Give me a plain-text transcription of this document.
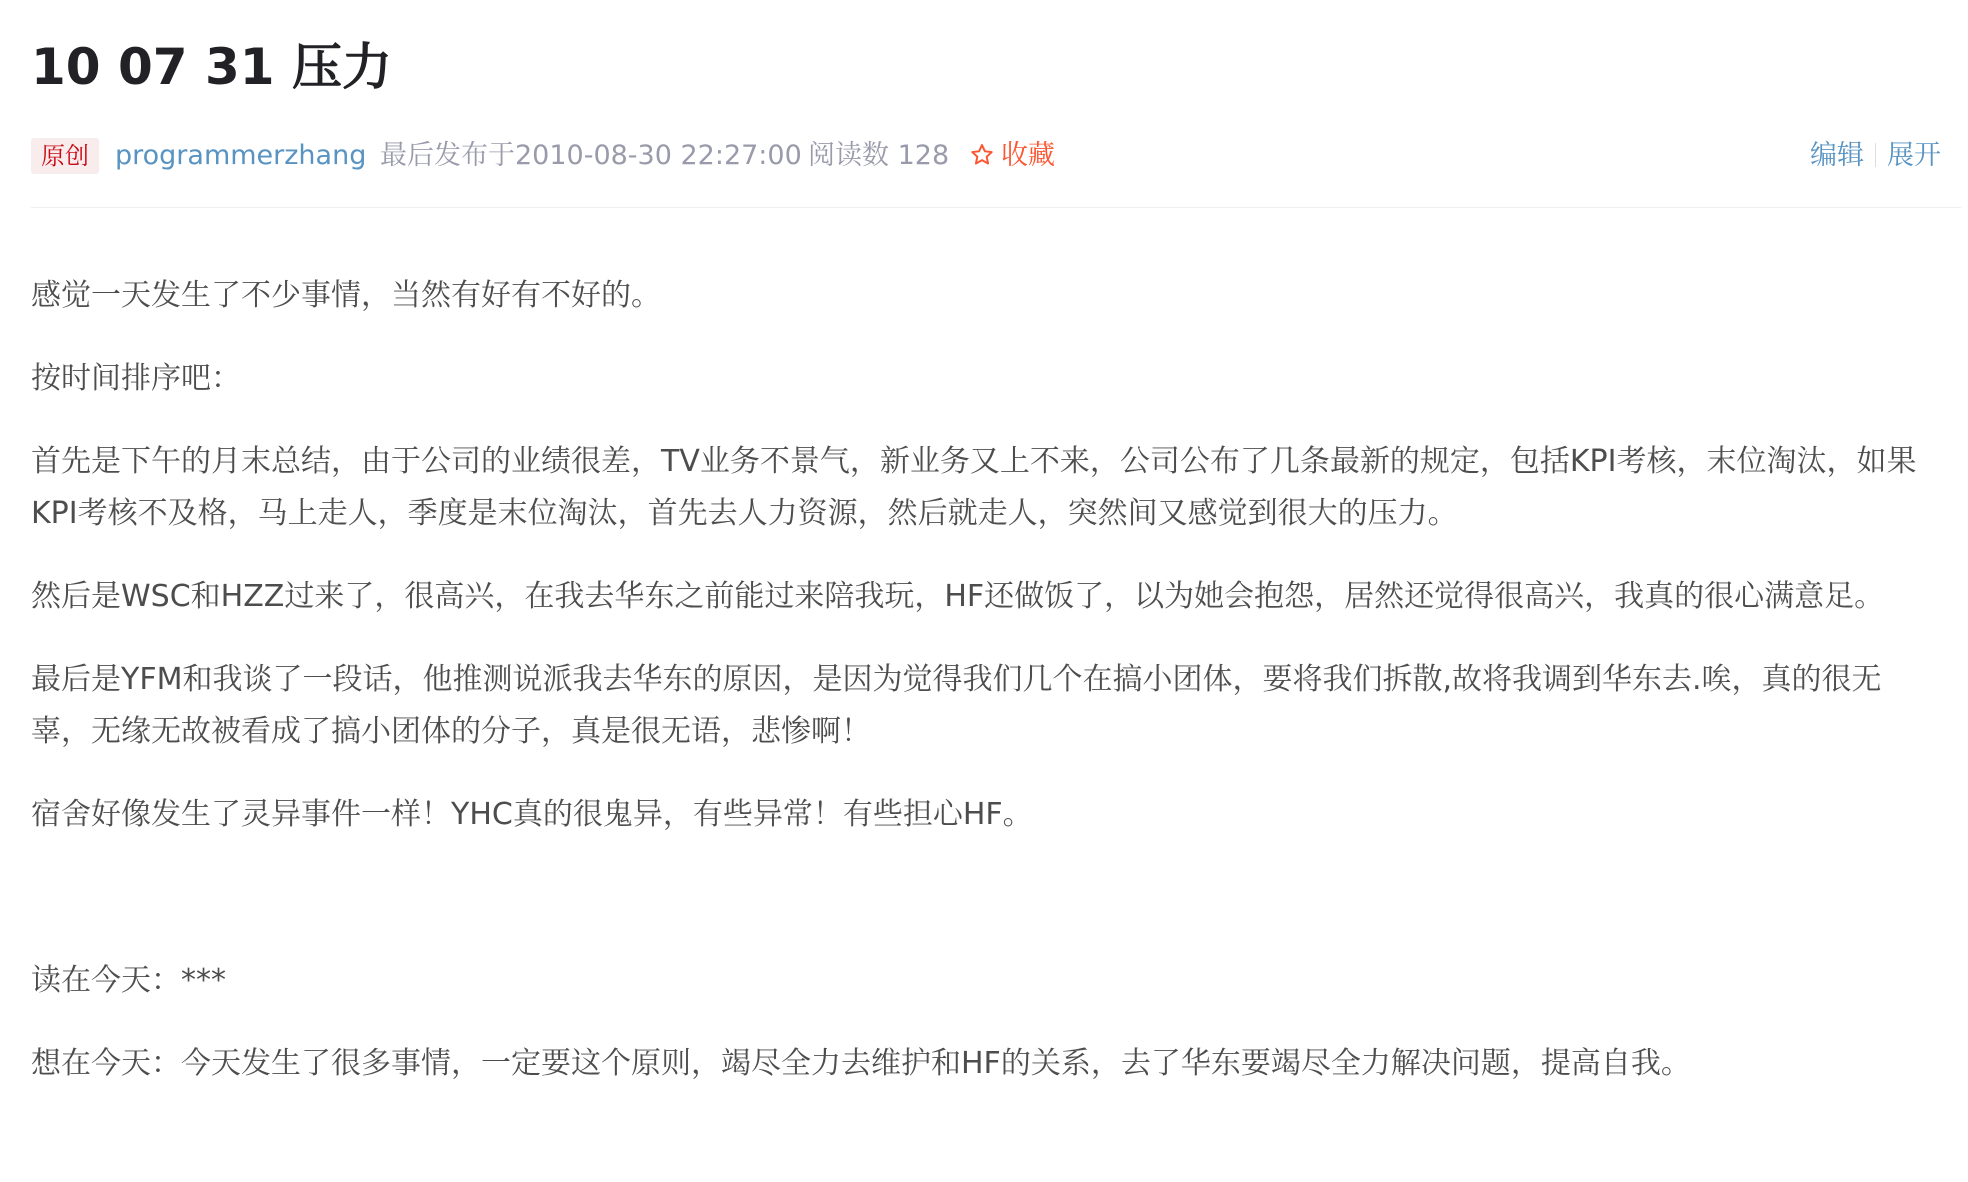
10 07 31 压力
原创 programmerzhang 最后发布于2010-08-30 22:27:00 阅读数 128	收藏	编辑 展开

感觉一天发生了不少事情，当然有好有不好的。

按时间排序吧：

首先是下午的月末总结，由于公司的业绩很差，TV业务不景气，新业务又上不来，公司公布了几条最新的规定，包括KPI考核，末位淘汰，如果KPI考核不及格，马上走人，季度是末位淘汰，首先去人力资源，然后就走人，突然间又感觉到很大的压力。

然后是WSC和HZZ过来了，很高兴，在我去华东之前能过来陪我玩，HF还做饭了，以为她会抱怨，居然还觉得很高兴，我真的很心满意足。

最后是YFM和我谈了一段话，他推测说派我去华东的原因，是因为觉得我们几个在搞小团体，要将我们拆散,故将我调到华东去.唉，真的很无辜，无缘无故被看成了搞小团体的分子，真是很无语，悲惨啊！

宿舍好像发生了灵异事件一样！YHC真的很鬼异，有些异常！有些担心HF。

读在今天：***

想在今天：今天发生了很多事情，一定要这个原则，竭尽全力去维护和HF的关系，去了华东要竭尽全力解决问题，提高自我。
